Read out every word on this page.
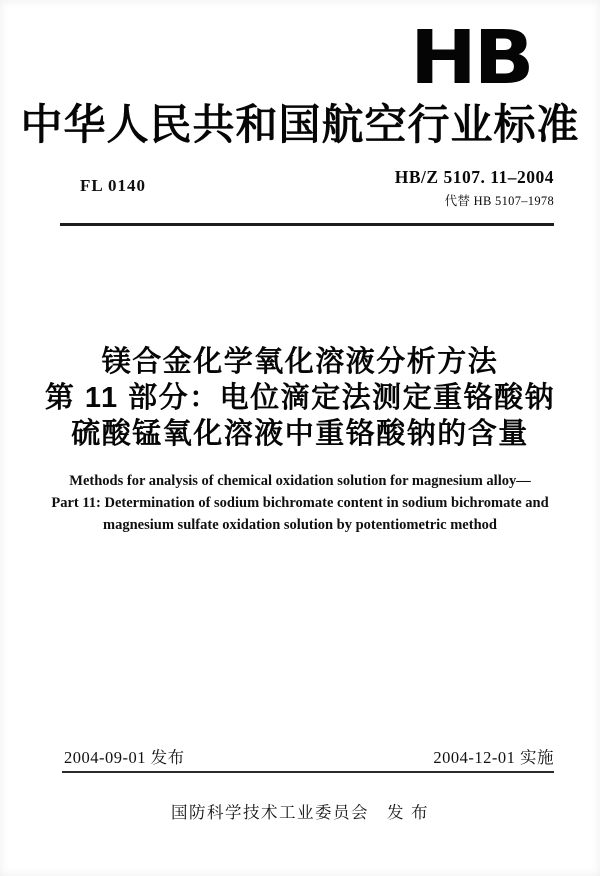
HB
中华人民共和国航空行业标准
FL 0140	HB/Z 5107. 11–2004
代替 HB 5107–1978
镁合金化学氧化溶液分析方法
第 11 部分：电位滴定法测定重铬酸钠
硫酸锰氧化溶液中重铬酸钠的含量
Methods for analysis of chemical oxidation solution for magnesium alloy—
Part 11: Determination of sodium bichromate content in sodium bichromate and
magnesium sulfate oxidation solution by potentiometric method
2004-09-01 发布	2004-12-01 实施
国防科学技术工业委员会　发 布
